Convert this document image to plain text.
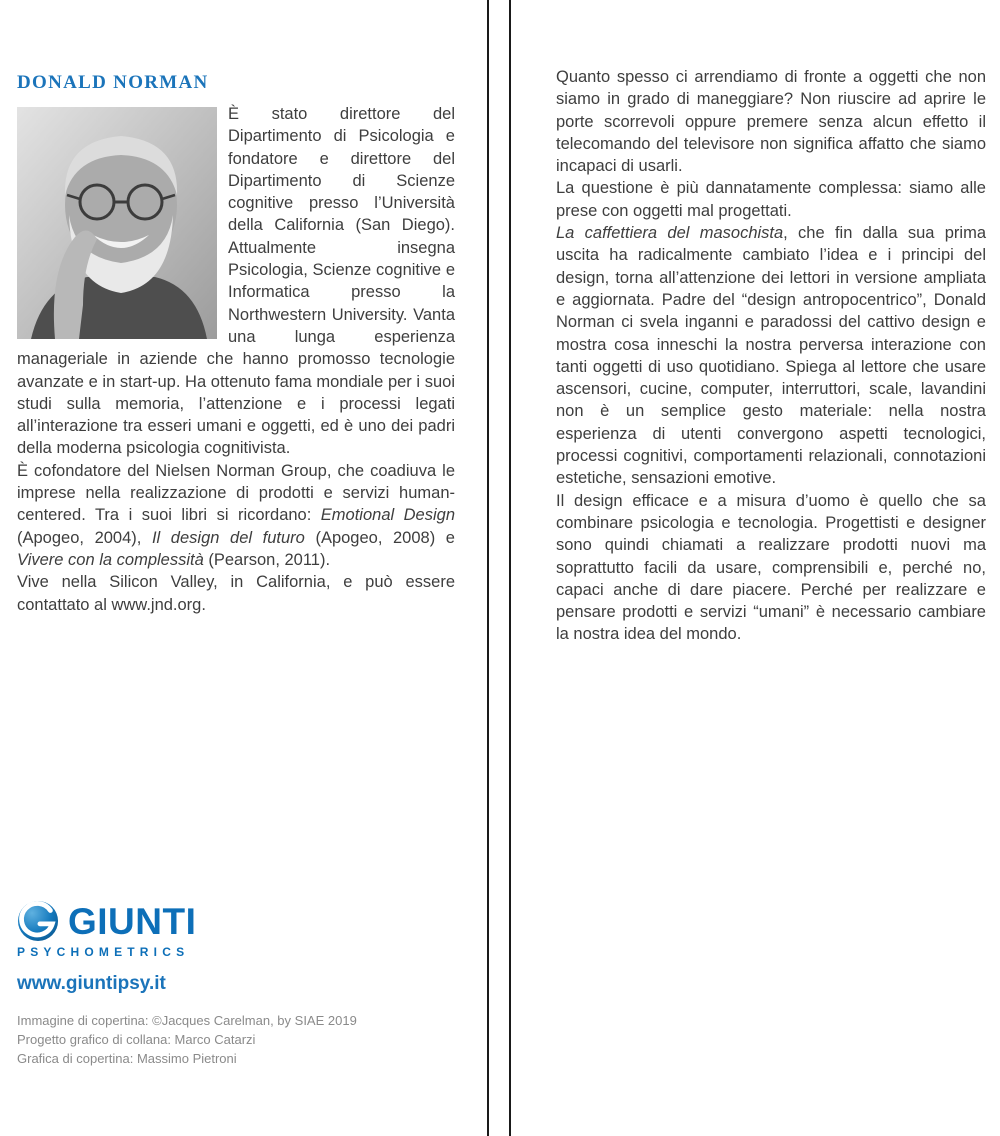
DONALD NORMAN

È stato direttore del Dipartimento di Psicologia e fondatore e direttore del Dipartimento di Scienze cognitive presso l’Università della California (San Diego). Attualmente insegna Psicologia, Scienze cognitive e Informatica presso la Northwestern University. Vanta una lunga esperienza manageriale in aziende che hanno promosso tecnologie avanzate e in start-up. Ha ottenuto fama mondiale per i suoi studi sulla memoria, l’attenzione e i processi legati all’interazione tra esseri umani e oggetti, ed è uno dei padri della moderna psicologia cognitivista.

È cofondatore del Nielsen Norman Group, che coadiuva le imprese nella realizzazione di prodotti e servizi human-centered. Tra i suoi libri si ricordano: Emotional Design (Apogeo, 2004), Il design del futuro (Apogeo, 2008) e Vivere con la complessità (Pearson, 2011).

Vive nella Silicon Valley, in California, e può essere contattato al www.jnd.org.

GIUNTI
PSYCHOMETRICS
www.giuntipsy.it
Immagine di copertina: ©Jacques Carelman, by SIAE 2019
Progetto grafico di collana: Marco Catarzi
Grafica di copertina: Massimo Pietroni

Quanto spesso ci arrendiamo di fronte a oggetti che non siamo in grado di maneggiare? Non riuscire ad aprire le porte scorrevoli oppure premere senza alcun effetto il telecomando del televisore non significa affatto che siamo incapaci di usarli.

La questione è più dannatamente complessa: siamo alle prese con oggetti mal progettati.

La caffettiera del masochista, che fin dalla sua prima uscita ha radicalmente cambiato l’idea e i principi del design, torna all’attenzione dei lettori in versione ampliata e aggiornata. Padre del “design antropocentrico”, Donald Norman ci svela inganni e paradossi del cattivo design e mostra cosa inneschi la nostra perversa interazione con tanti oggetti di uso quotidiano. Spiega al lettore che usare ascensori, cucine, computer, interruttori, scale, lavandini non è un semplice gesto materiale: nella nostra esperienza di utenti convergono aspetti tecnologici, processi cognitivi, comportamenti relazionali, connotazioni estetiche, sensazioni emotive.

Il design efficace e a misura d’uomo è quello che sa combinare psicologia e tecnologia. Progettisti e designer sono quindi chiamati a realizzare prodotti nuovi ma soprattutto facili da usare, comprensibili e, perché no, capaci anche di dare piacere. Perché per realizzare e pensare prodotti e servizi “umani” è necessario cambiare la nostra idea del mondo.
